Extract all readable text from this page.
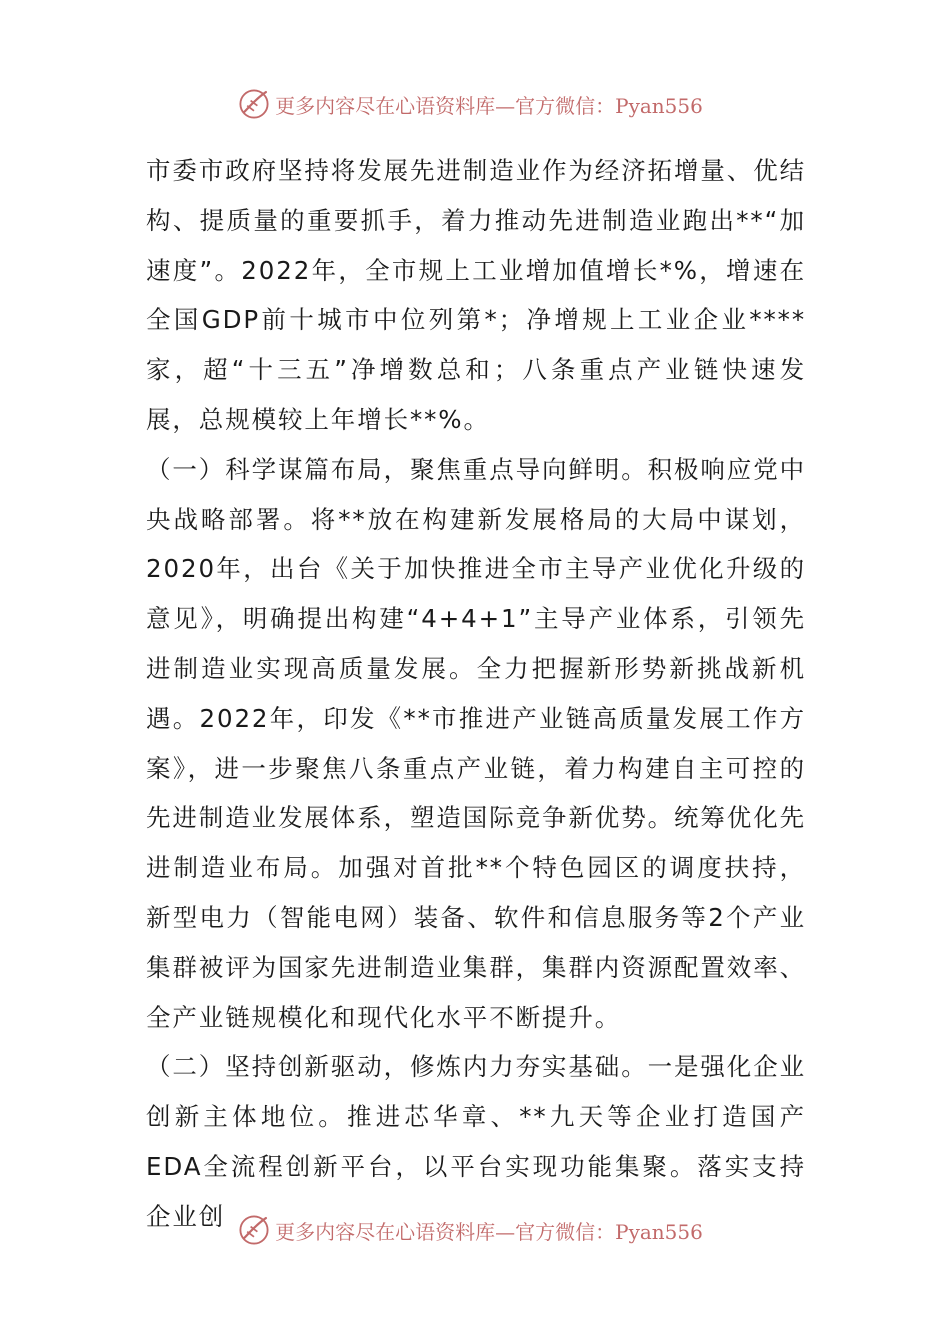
更多内容尽在心语资料库—官方微信：Pyan556

市委市政府坚持将发展先进制造业作为经济拓增量、优结构、提质量的重要抓手，着力推动先进制造业跑出**“加速度”。2022年，全市规上工业增加值增长*%，增速在全国GDP前十城市中位列第*；净增规上工业企业****家，超“十三五”净增数总和；八条重点产业链快速发展，总规模较上年增长**%。

（一）科学谋篇布局，聚焦重点导向鲜明。积极响应党中央战略部署。将**放在构建新发展格局的大局中谋划，2020年，出台《关于加快推进全市主导产业优化升级的意见》，明确提出构建“4+4+1”主导产业体系，引领先进制造业实现高质量发展。全力把握新形势新挑战新机遇。2022年，印发《**市推进产业链高质量发展工作方案》，进一步聚焦八条重点产业链，着力构建自主可控的先进制造业发展体系，塑造国际竞争新优势。统筹优化先进制造业布局。加强对首批**个特色园区的调度扶持，新型电力（智能电网）装备、软件和信息服务等2个产业集群被评为国家先进制造业集群，集群内资源配置效率、全产业链规模化和现代化水平不断提升。

（二）坚持创新驱动，修炼内力夯实基础。一是强化企业创新主体地位。推进芯华章、**九天等企业打造国产EDA全流程创新平台，以平台实现功能集聚。落实支持企业创

更多内容尽在心语资料库—官方微信：Pyan556
